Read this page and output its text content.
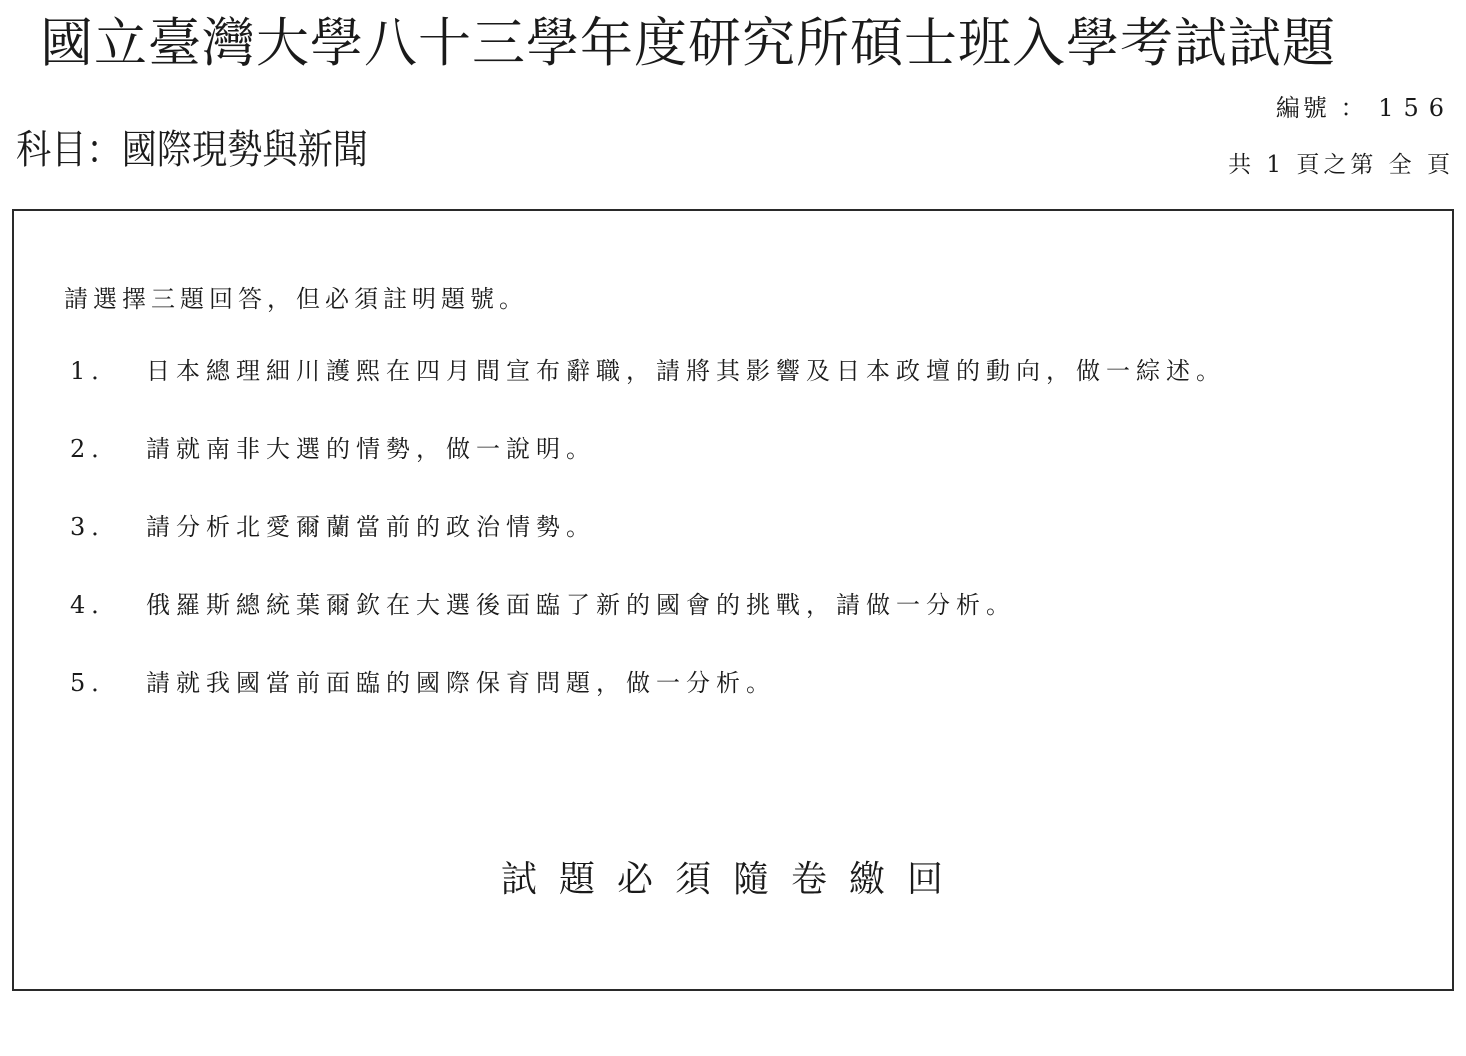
國立臺灣大學八十三學年度研究所碩士班入學考試試題
編號 ： 156
科目：國際現勢與新聞	共 1 頁之第 全 頁
請選擇三題回答，但必須註明題號。
1．	日本總理細川護熙在四月間宣布辭職，請將其影響及日本政壇的動向，做一綜述。
2．	請就南非大選的情勢，做一說明。
3．	請分析北愛爾蘭當前的政治情勢。
4．	俄羅斯總統葉爾欽在大選後面臨了新的國會的挑戰，請做一分析。
5．	請就我國當前面臨的國際保育問題，做一分析。
試題必須隨卷繳回
